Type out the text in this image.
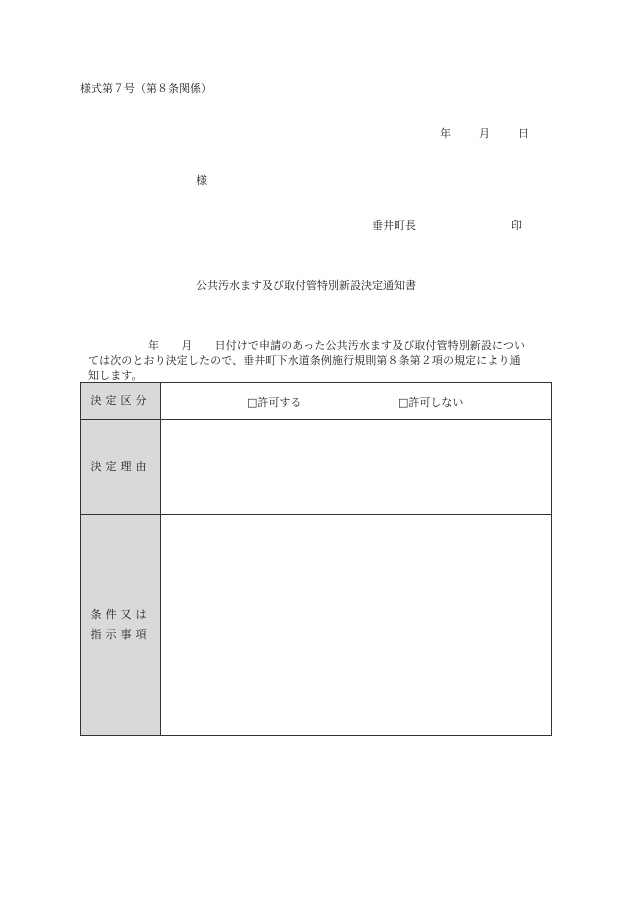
様式第７号（第８条関係）
年	月	日
様
垂井町長	印
公共汚水ます及び取付管特別新設決定通知書
年　　月　　日付けで申請のあった公共汚水ます及び取付管特別新設につい
ては次のとおり決定したので、垂井町下水道条例施行規則第８条第２項の規定により通
知します。
決定区分	□許可する □許可しない

決定理由	

条件又は
指示事項	
